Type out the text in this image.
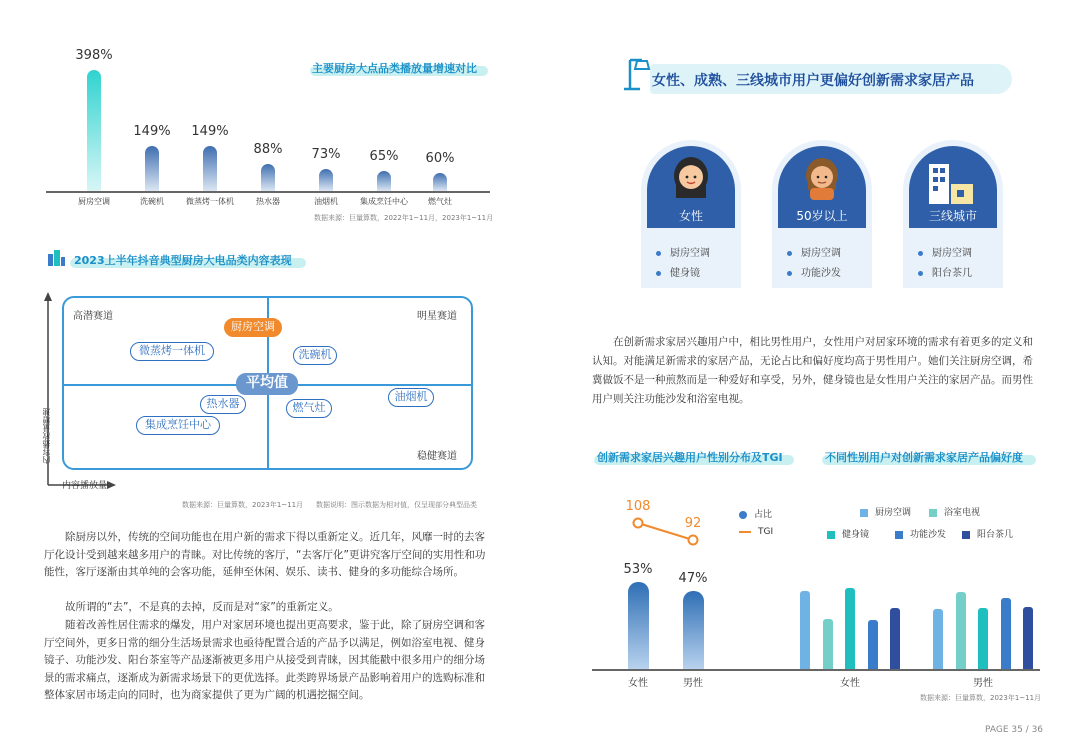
主要厨房大点品类播放量增速对比
398%
厨房空调
149%
洗碗机
149%
微蒸烤一体机
88%
热水器
73%
油烟机
65%
集成烹饪中心
60%
燃气灶
数据来源：巨量算数，2022年1~11月，2023年1~11月
2023上半年抖音典型厨房大电品类内容表现
内容播放量增速
内容播放量
高潜赛道	明星赛道
稳健赛道
厨房空调
微蒸烤一体机	洗碗机
平均值
油烟机
热水器	燃气灶
集成烹饪中心
数据来源：巨量算数，2023年1~11月 数据说明：图示数据为相对值，仅呈现部分典型品类
除厨房以外，传统的空间功能也在用户新的需求下得以重新定义。近几年，风靡一时的去客厅化设计受到越来越多用户的青睐。对比传统的客厅，“去客厅化”更讲究客厅空间的实用性和功能性，客厅逐渐由其单纯的会客功能，延伸至休闲、娱乐、读书、健身的多功能综合场所。
故所谓的“去”，不是真的去掉，反而是对“家”的重新定义。
随着改善性居住需求的爆发，用户对家居环境也提出更高要求，鉴于此，除了厨房空调和客厅空间外，更多日常的细分生活场景需求也亟待配置合适的产品予以满足，例如浴室电视、健身镜子、功能沙发、阳台茶室等产品逐渐被更多用户从接受到青睐，因其能戳中很多用户的细分场景的需求痛点，逐渐成为新需求场景下的更优选择。此类跨界场景产品影响着用户的选购标准和整体家居市场走向的同时，也为商家提供了更为广阔的机遇挖掘空间。
女性、成熟、三线城市用户更偏好创新需求家居产品
女性
厨房空调
健身镜
50岁以上
厨房空调
功能沙发
三线城市
厨房空调
阳台茶几
在创新需求家居兴趣用户中，相比男性用户，女性用户对居家环境的需求有着更多的定义和认知。对能满足新需求的家居产品，无论占比和偏好度均高于男性用户。她们关注厨房空调，希冀做饭不是一种煎熬而是一种爱好和享受，另外，健身镜也是女性用户关注的家居产品。而男性用户则关注功能沙发和浴室电视。
创新需求家居兴趣用户性别分布及TGI	不同性别用户对创新需求家居产品偏好度
占比
TGI
厨房空调	浴室电视
健身镜	功能沙发	阳台茶几
53%
女性
47%
男性
108
92
女性	男性
数据来源：巨量算数，2023年1~11月
PAGE 35 / 36
